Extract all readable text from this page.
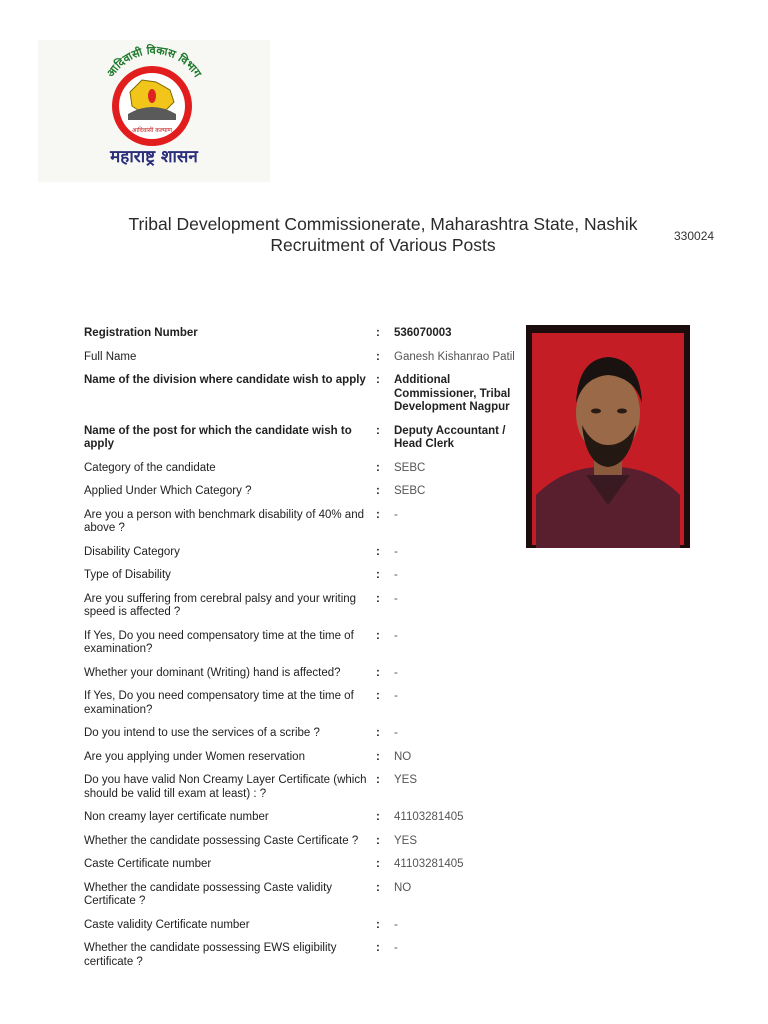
आदिवासी विकास विभाग
आदिवासी कल्याण
महाराष्ट्र शासन
Tribal Development Commissionerate, Maharashtra State, Nashik
Recruitment of Various Posts	330024
Registration Number	:	536070003
Full Name	:	Ganesh Kishanrao Patil
Name of the division where candidate wish to apply :	Additional Commissioner, Tribal Development Nagpur
Name of the post for which the candidate wish to apply
:	Deputy Accountant / Head Clerk
Category of the candidate	:	SEBC
Applied Under Which Category ?	:	SEBC
Are you a person with benchmark disability of 40% and above ?
:	-
Disability Category	:	-
Type of Disability	:	-
Are you suffering from cerebral palsy and your writing speed is affected ?
:	-
If Yes, Do you need compensatory time at the time of examination?
:	-
Whether your dominant (Writing) hand is affected?	:	-
If Yes, Do you need compensatory time at the time of examination?
:	-
Do you intend to use the services of a scribe ?	:	-
Are you applying under Women reservation	:	NO
Do you have valid Non Creamy Layer Certificate (which should be valid till exam at least) : ?
:	YES
Non creamy layer certificate number	:	41103281405
Whether the candidate possessing Caste Certificate ?	:	YES
Caste Certificate number	:	41103281405
Whether the candidate possessing Caste validity Certificate ?
:	NO
Caste validity Certificate number	:	-
Whether the candidate possessing EWS eligibility certificate ?
:	-
